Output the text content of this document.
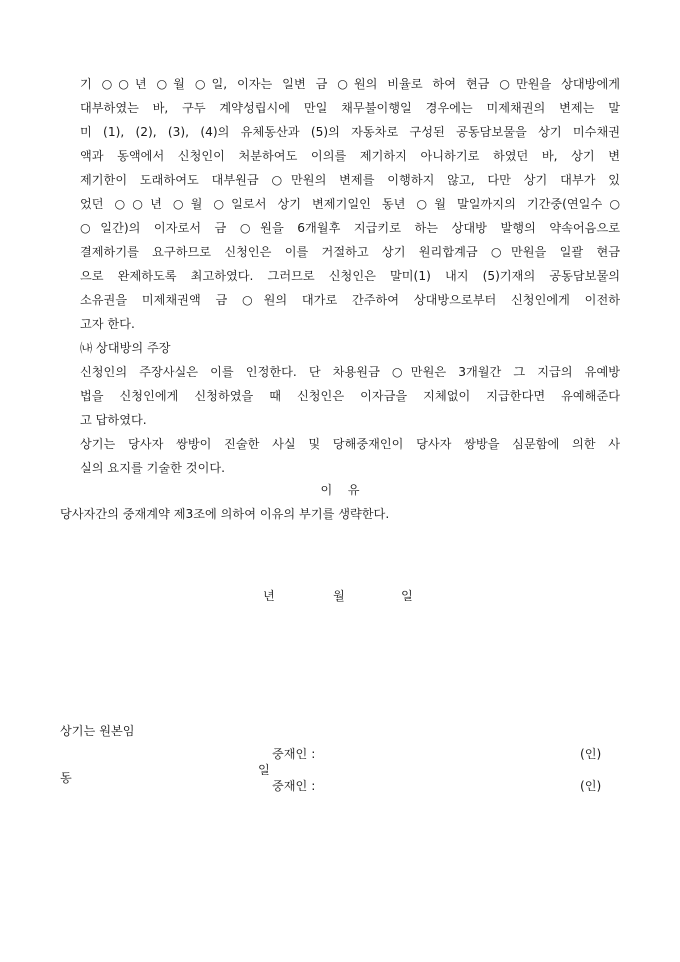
기 ○○년 ○월 ○일, 이자는 일변 금 ○원의 비율로 하여 현금 ○만원을 상대방에게
대부하였는 바, 구두 계약성립시에 만일 채무불이행일 경우에는 미제채권의 변제는 말
미 (1), (2), (3), (4)의 유체동산과 (5)의 자동차로 구성된 공동담보물을 상기 미수채권
액과 동액에서 신청인이 처분하여도 이의를 제기하지 아니하기로 하였던 바, 상기 변
제기한이 도래하여도 대부원금 ○만원의 변제를 이행하지 않고, 다만 상기 대부가 있
었던 ○○년 ○월 ○일로서 상기 변제기일인 동년 ○월 말일까지의 기간중(연일수○
○일간)의 이자로서 금 ○원을 6개월후 지급키로 하는 상대방 발행의 약속어음으로
결제하기를 요구하므로 신청인은 이를 거절하고 상기 원리합계금 ○만원을 일괄 현금
으로 완제하도록 최고하였다. 그러므로 신청인은 말미(1) 내지 (5)기재의 공동담보물의
소유권을 미제채권액 금 ○원의 대가로 간주하여 상대방으로부터 신청인에게 이전하
고자 한다.
㈏ 상대방의 주장
신청인의 주장사실은 이를 인정한다. 단 차용원금 ○만원은 3개월간 그 지급의 유예방
법을 신청인에게 신청하였을 때 신청인은 이자금을 지체없이 지급한다면 유예해준다
고 답하였다.
상기는 당사자 쌍방이 진술한 사실 및 당해중재인이 당사자 쌍방을 심문함에 의한 사
실의 요지를 기술한 것이다.
이    유
당사자간의 중재계약 제3조에 의하여 이유의 부기를 생략한다.
년	월	일
상기는 원본임
중재인 :	(인)
동
일
중재인 :	(인)
